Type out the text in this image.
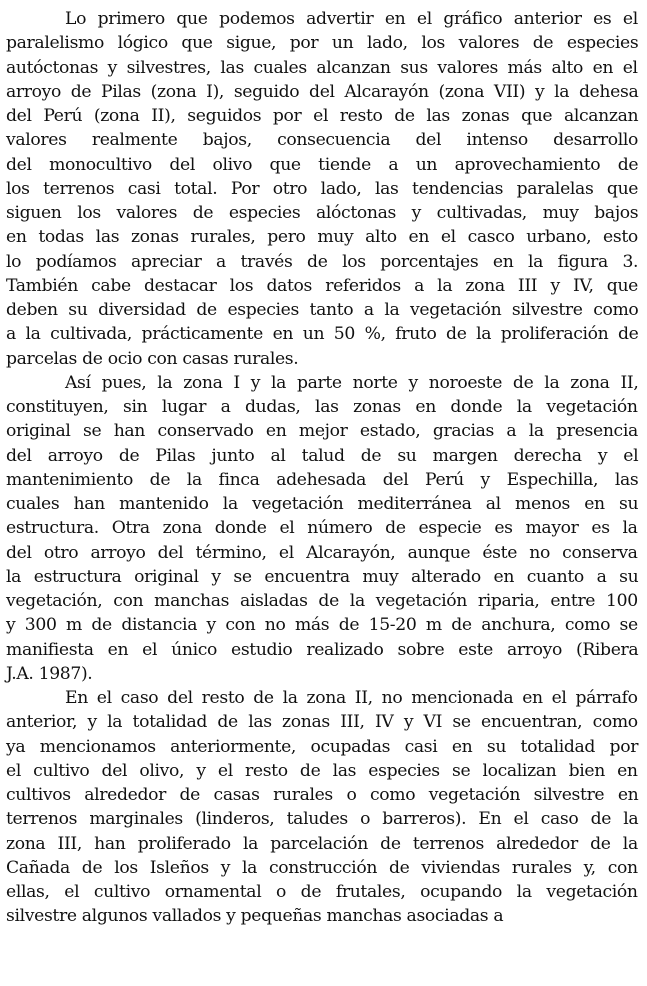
Lo primero que podemos advertir en el gráfico anterior es el
paralelismo lógico que sigue, por un lado, los valores de especies
autóctonas y silvestres, las cuales alcanzan sus valores más alto en el
arroyo de Pilas (zona I), seguido del Alcarayón (zona VII) y la dehesa
del Perú (zona II), seguidos por el resto de las zonas que alcanzan
valores realmente bajos, consecuencia del intenso desarrollo
del monocultivo del olivo que tiende a un aprovechamiento de
los terrenos casi total. Por otro lado, las tendencias paralelas que
siguen los valores de especies alóctonas y cultivadas, muy bajos
en todas las zonas rurales, pero muy alto en el casco urbano, esto
lo podíamos apreciar a través de los porcentajes en la figura 3.
También cabe destacar los datos referidos a la zona III y IV, que
deben su diversidad de especies tanto a la vegetación silvestre como
a la cultivada, prácticamente en un 50 %, fruto de la proliferación de
parcelas de ocio con casas rurales.
Así pues, la zona I y la parte norte y noroeste de la zona II,
constituyen, sin lugar a dudas, las zonas en donde la vegetación
original se han conservado en mejor estado, gracias a la presencia
del arroyo de Pilas junto al talud de su margen derecha y el
mantenimiento de la finca adehesada del Perú y Espechilla, las
cuales han mantenido la vegetación mediterránea al menos en su
estructura. Otra zona donde el número de especie es mayor es la
del otro arroyo del término, el Alcarayón, aunque éste no conserva
la estructura original y se encuentra muy alterado en cuanto a su
vegetación, con manchas aisladas de la vegetación riparia, entre 100
y 300 m de distancia y con no más de 15-20 m de anchura, como se
manifiesta en el único estudio realizado sobre este arroyo (Ribera
J.A. 1987).
En el caso del resto de la zona II, no mencionada en el párrafo
anterior, y la totalidad de las zonas III, IV y VI se encuentran, como
ya mencionamos anteriormente, ocupadas casi en su totalidad por
el cultivo del olivo, y el resto de las especies se localizan bien en
cultivos alrededor de casas rurales o como vegetación silvestre en
terrenos marginales (linderos, taludes o barreros). En el caso de la
zona III, han proliferado la parcelación de terrenos alrededor de la
Cañada de los Isleños y la construcción de viviendas rurales y, con
ellas, el cultivo ornamental o de frutales, ocupando la vegetación
silvestre algunos vallados y pequeñas manchas asociadas a
